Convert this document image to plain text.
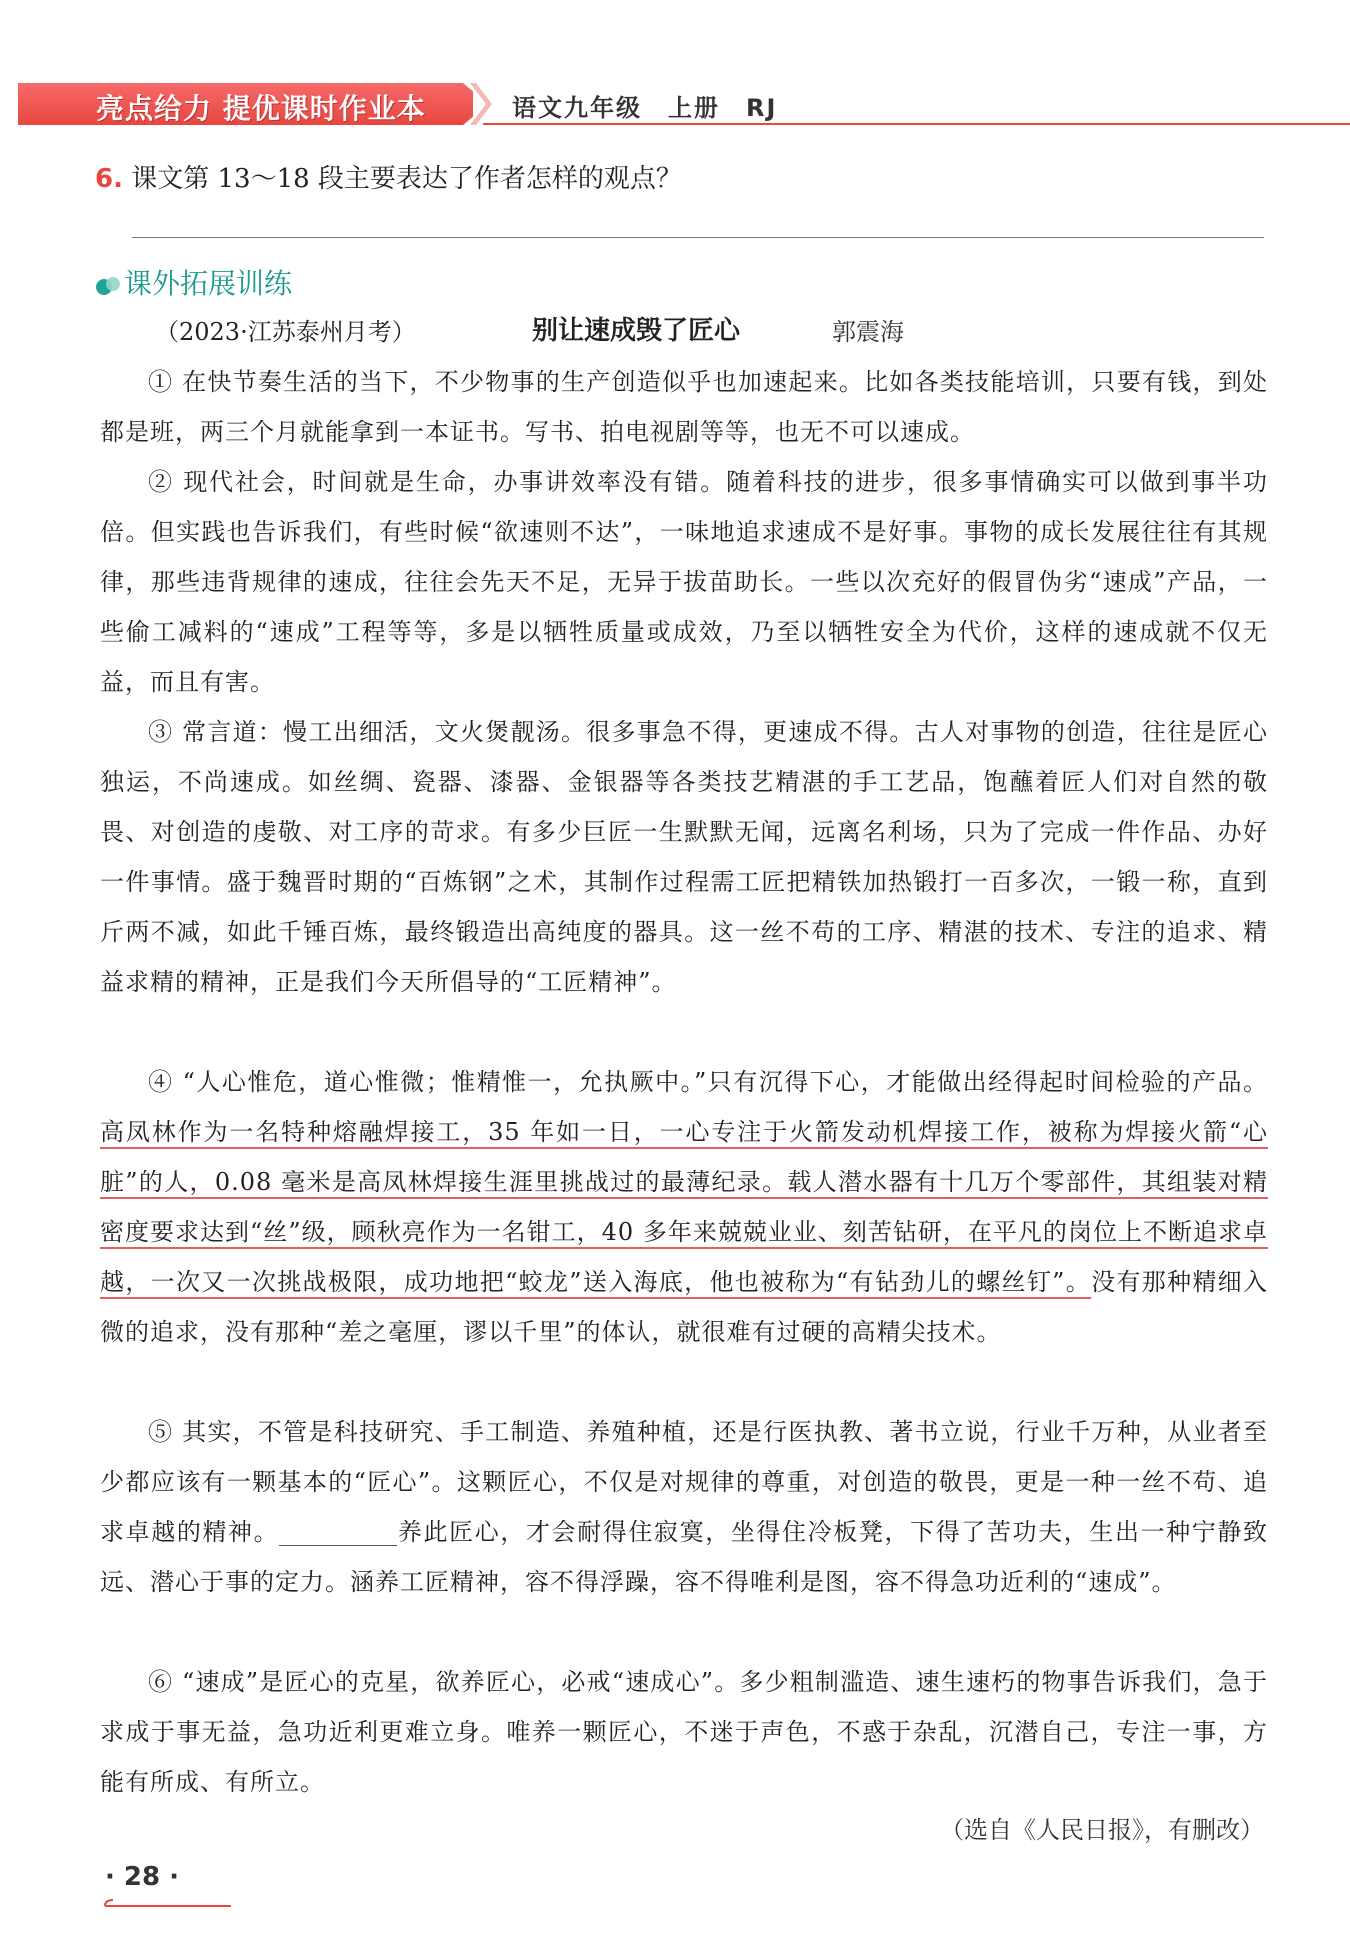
亮点给力 提优课时作业本	语文九年级　上册　RJ
6. 课文第 13～18 段主要表达了作者怎样的观点？
课外拓展训练
（2023·江苏泰州月考）	别让速成毁了匠心	郭震海
① 在快节奏生活的当下，不少物事的生产创造似乎也加速起来。比如各类技能培训，只要有钱，到处都是班，两三个月就能拿到一本证书。写书、拍电视剧等等，也无不可以速成。
② 现代社会，时间就是生命，办事讲效率没有错。随着科技的进步，很多事情确实可以做到事半功倍。但实践也告诉我们，有些时候“欲速则不达”，一味地追求速成不是好事。事物的成长发展往往有其规律，那些违背规律的速成，往往会先天不足，无异于拔苗助长。一些以次充好的假冒伪劣“速成”产品，一些偷工减料的“速成”工程等等，多是以牺牲质量或成效，乃至以牺牲安全为代价，这样的速成就不仅无益，而且有害。
③ 常言道：慢工出细活，文火煲靓汤。很多事急不得，更速成不得。古人对事物的创造，往往是匠心独运，不尚速成。如丝绸、瓷器、漆器、金银器等各类技艺精湛的手工艺品，饱蘸着匠人们对自然的敬畏、对创造的虔敬、对工序的苛求。有多少巨匠一生默默无闻，远离名利场，只为了完成一件作品、办好一件事情。盛于魏晋时期的“百炼钢”之术，其制作过程需工匠把精铁加热锻打一百多次，一锻一称，直到斤两不减，如此千锤百炼，最终锻造出高纯度的器具。这一丝不苟的工序、精湛的技术、专注的追求、精益求精的精神，正是我们今天所倡导的“工匠精神”。
④ “人心惟危，道心惟微；惟精惟一，允执厥中。”只有沉得下心，才能做出经得起时间检验的产品。高凤林作为一名特种熔融焊接工，35 年如一日，一心专注于火箭发动机焊接工作，被称为焊接火箭“心脏”的人，0.08 毫米是高凤林焊接生涯里挑战过的最薄纪录。载人潜水器有十几万个零部件，其组装对精密度要求达到“丝”级，顾秋亮作为一名钳工，40 多年来兢兢业业、刻苦钻研，在平凡的岗位上不断追求卓越，一次又一次挑战极限，成功地把“蛟龙”送入海底，他也被称为“有钻劲儿的螺丝钉”。没有那种精细入微的追求，没有那种“差之毫厘，谬以千里”的体认，就很难有过硬的高精尖技术。
⑤ 其实，不管是科技研究、手工制造、养殖种植，还是行医执教、著书立说，行业千万种，从业者至少都应该有一颗基本的“匠心”。这颗匠心，不仅是对规律的尊重，对创造的敬畏，更是一种一丝不苟、追求卓越的精神。	养此匠心，才会耐得住寂寞，坐得住冷板凳，下得了苦功夫，生出一种宁静致远、潜心于事的定力。涵养工匠精神，容不得浮躁，容不得唯利是图，容不得急功近利的“速成”。
⑥ “速成”是匠心的克星，欲养匠心，必戒“速成心”。多少粗制滥造、速生速朽的物事告诉我们，急于求成于事无益，急功近利更难立身。唯养一颗匠心，不迷于声色，不惑于杂乱，沉潜自己，专注一事，方能有所成、有所立。
（选自《人民日报》，有删改）
· 28 ·
